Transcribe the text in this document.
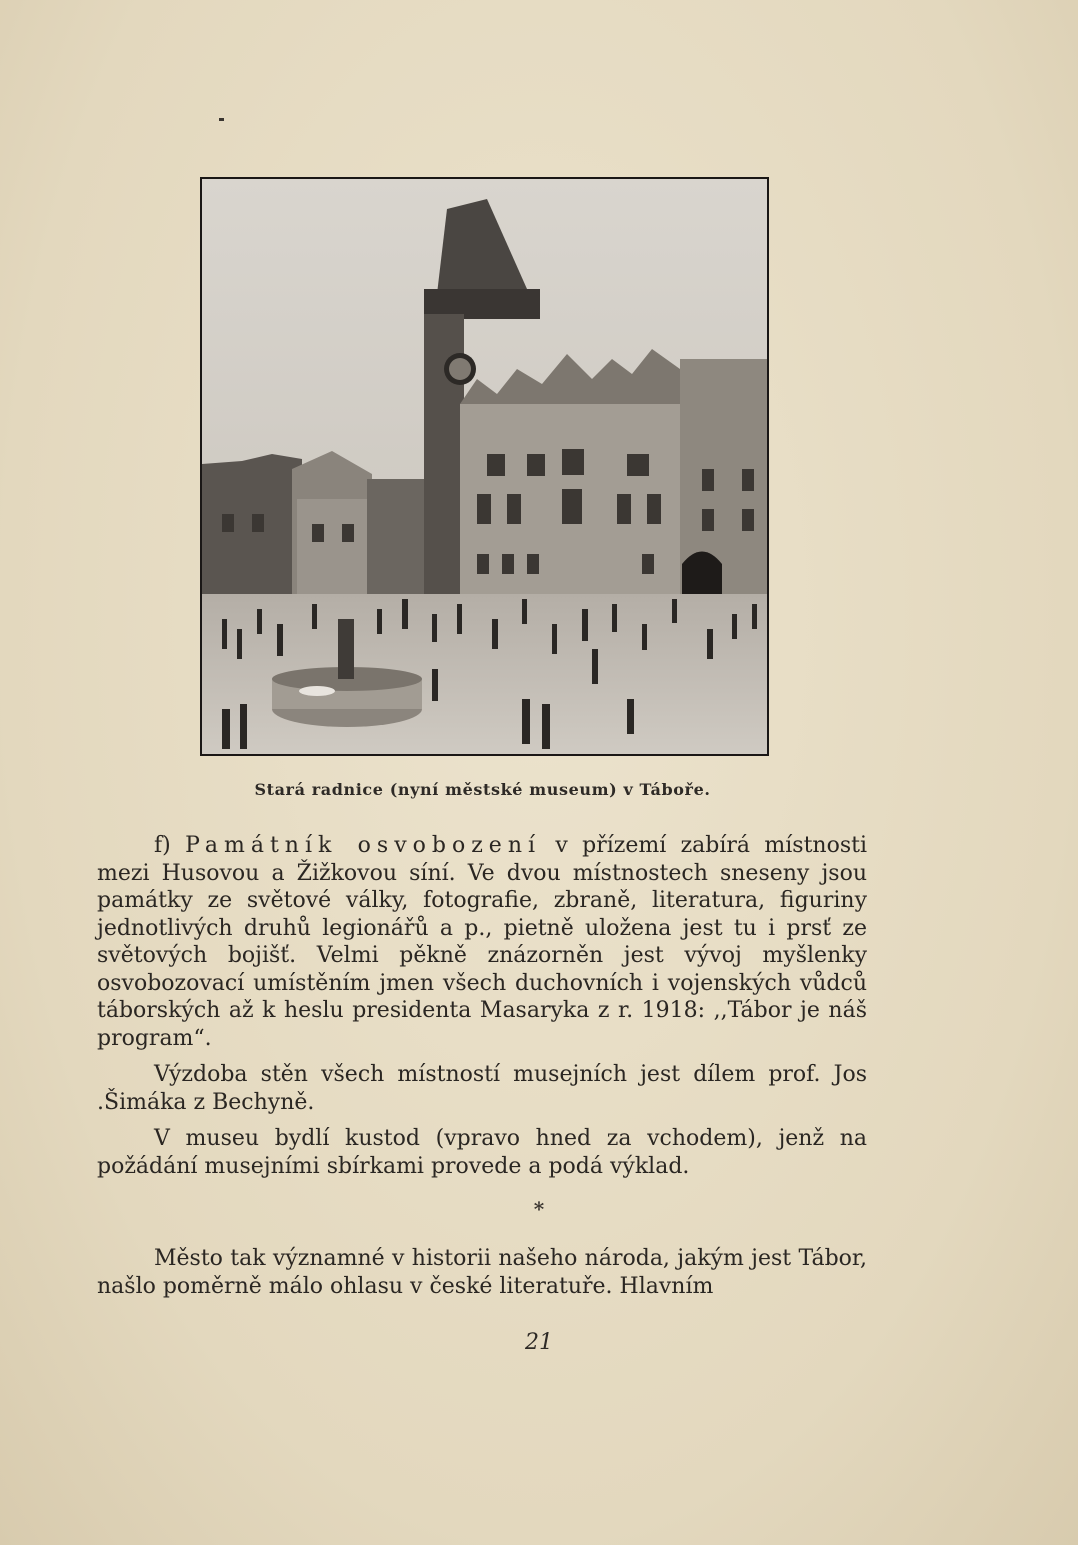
Stará radnice (nyní městské museum) v Táboře.

f) Památník osvobození v přízemí zabírá místnosti mezi Husovou a Žižkovou síní. Ve dvou místnostech sneseny jsou památky ze světové války, fotografie, zbraně, literatura, figuriny jednotlivých druhů legionářů a p., pietně uložena jest tu i prsť ze světových bojišť. Velmi pěkně znázorněn jest vývoj myšlenky osvobozovací umístěním jmen všech duchovních i vojenských vůdců táborských až k heslu presidenta Masaryka z r. 1918: ,,Tábor je náš program“.

Výzdoba stěn všech místností musejních jest dílem prof. Jos .Šimáka z Bechyně.

V museu bydlí kustod (vpravo hned za vchodem), jenž na požádání musejními sbírkami provede a podá výklad.

*

Město tak významné v historii našeho národa, jakým jest Tábor, našlo poměrně málo ohlasu v české literatuře. Hlavním

21
